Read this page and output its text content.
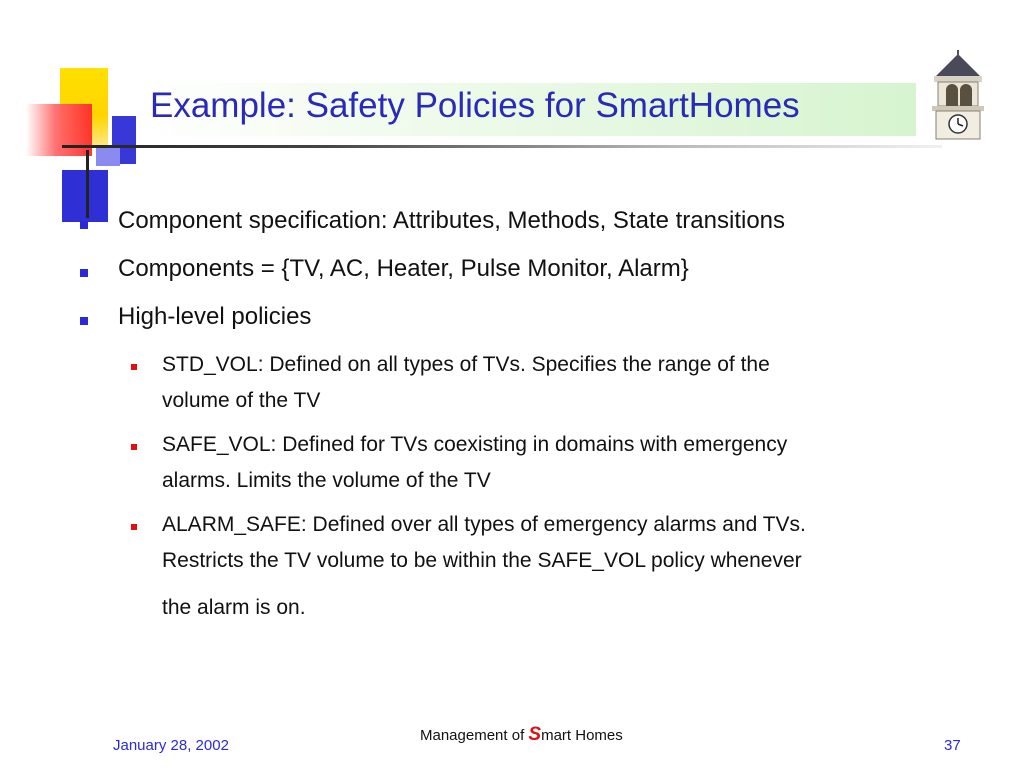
Example: Safety Policies for SmartHomes
Component specification: Attributes, Methods, State transitions
Components = {TV, AC, Heater, Pulse Monitor, Alarm}
High-level policies
STD_VOL: Defined on all types of TVs. Specifies the range of the
volume of the TV
SAFE_VOL: Defined for TVs coexisting in domains with emergency
alarms. Limits the volume of the TV
ALARM_SAFE: Defined over all types of emergency alarms and TVs.
Restricts the TV volume to be within the SAFE_VOL policy whenever
the alarm is on.
January 28, 2002
Management of Smart Homes
37
